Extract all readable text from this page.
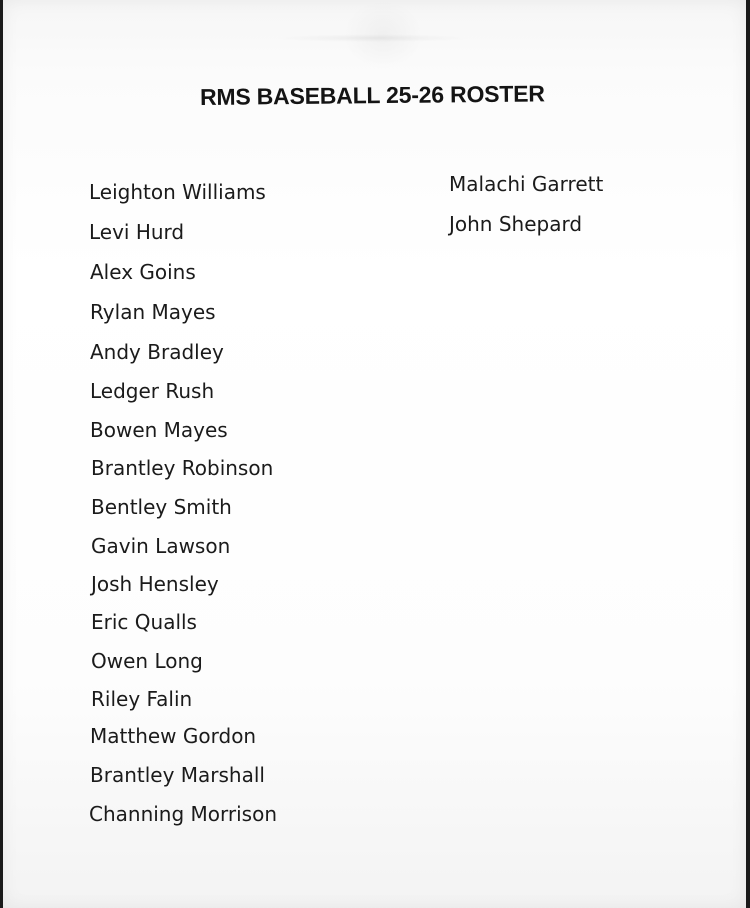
RMS BASEBALL 25-26 ROSTER
Leighton Williams
Levi Hurd
Alex Goins
Rylan Mayes
Andy Bradley
Ledger Rush
Bowen Mayes
Brantley Robinson
Bentley Smith
Gavin Lawson
Josh Hensley
Eric Qualls
Owen Long
Riley Falin
Matthew Gordon
Brantley Marshall
Channing Morrison
Malachi Garrett
John Shepard
